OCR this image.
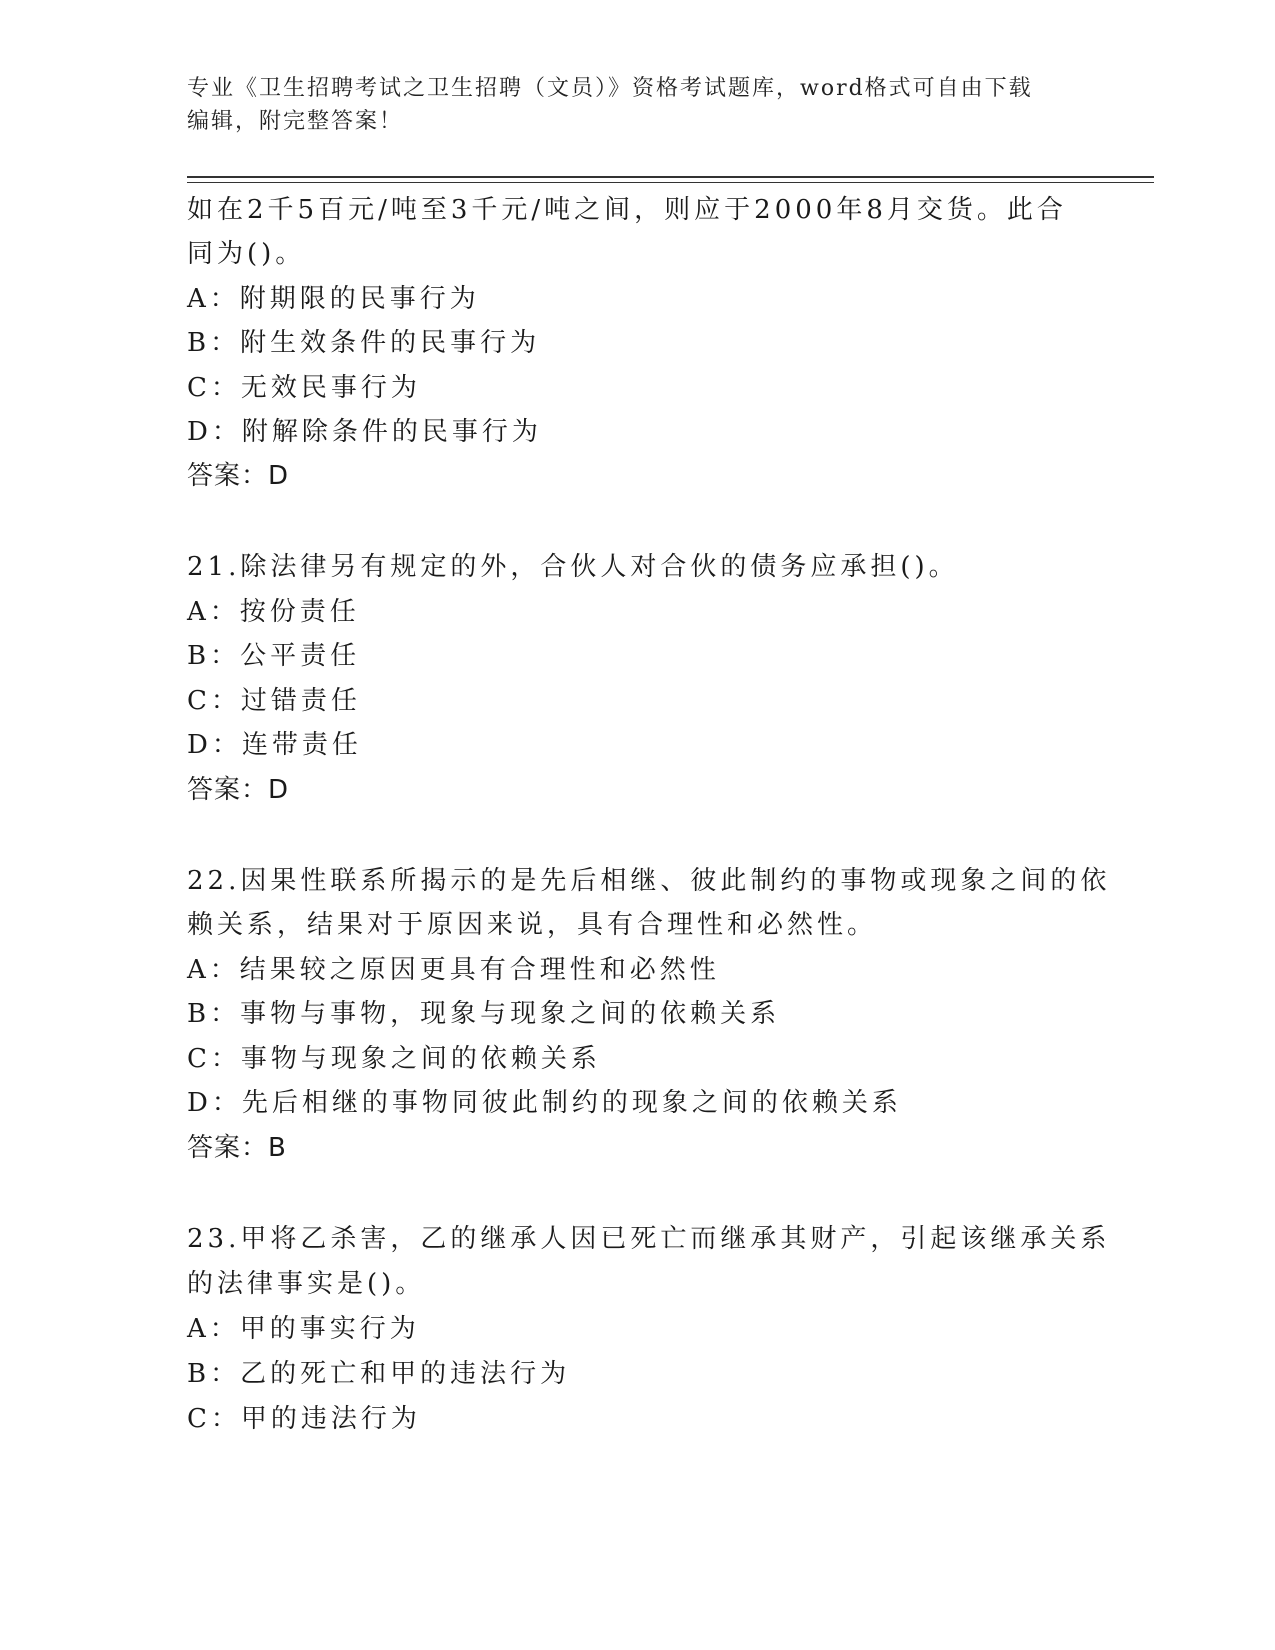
专业《卫生招聘考试之卫生招聘（文员）》资格考试题库，word格式可自由下载
编辑，附完整答案！
如在2千5百元/吨至3千元/吨之间，则应于2000年8月交货。此合
同为()。
A：附期限的民事行为
B：附生效条件的民事行为
C：无效民事行为
D：附解除条件的民事行为
答案：D
21.除法律另有规定的外，合伙人对合伙的债务应承担()。
A：按份责任
B：公平责任
C：过错责任
D：连带责任
答案：D
22.因果性联系所揭示的是先后相继、彼此制约的事物或现象之间的依
赖关系，结果对于原因来说，具有合理性和必然性。
A：结果较之原因更具有合理性和必然性
B：事物与事物，现象与现象之间的依赖关系
C：事物与现象之间的依赖关系
D：先后相继的事物同彼此制约的现象之间的依赖关系
答案：B
23.甲将乙杀害，乙的继承人因已死亡而继承其财产，引起该继承关系
的法律事实是()。
A：甲的事实行为
B：乙的死亡和甲的违法行为
C：甲的违法行为
